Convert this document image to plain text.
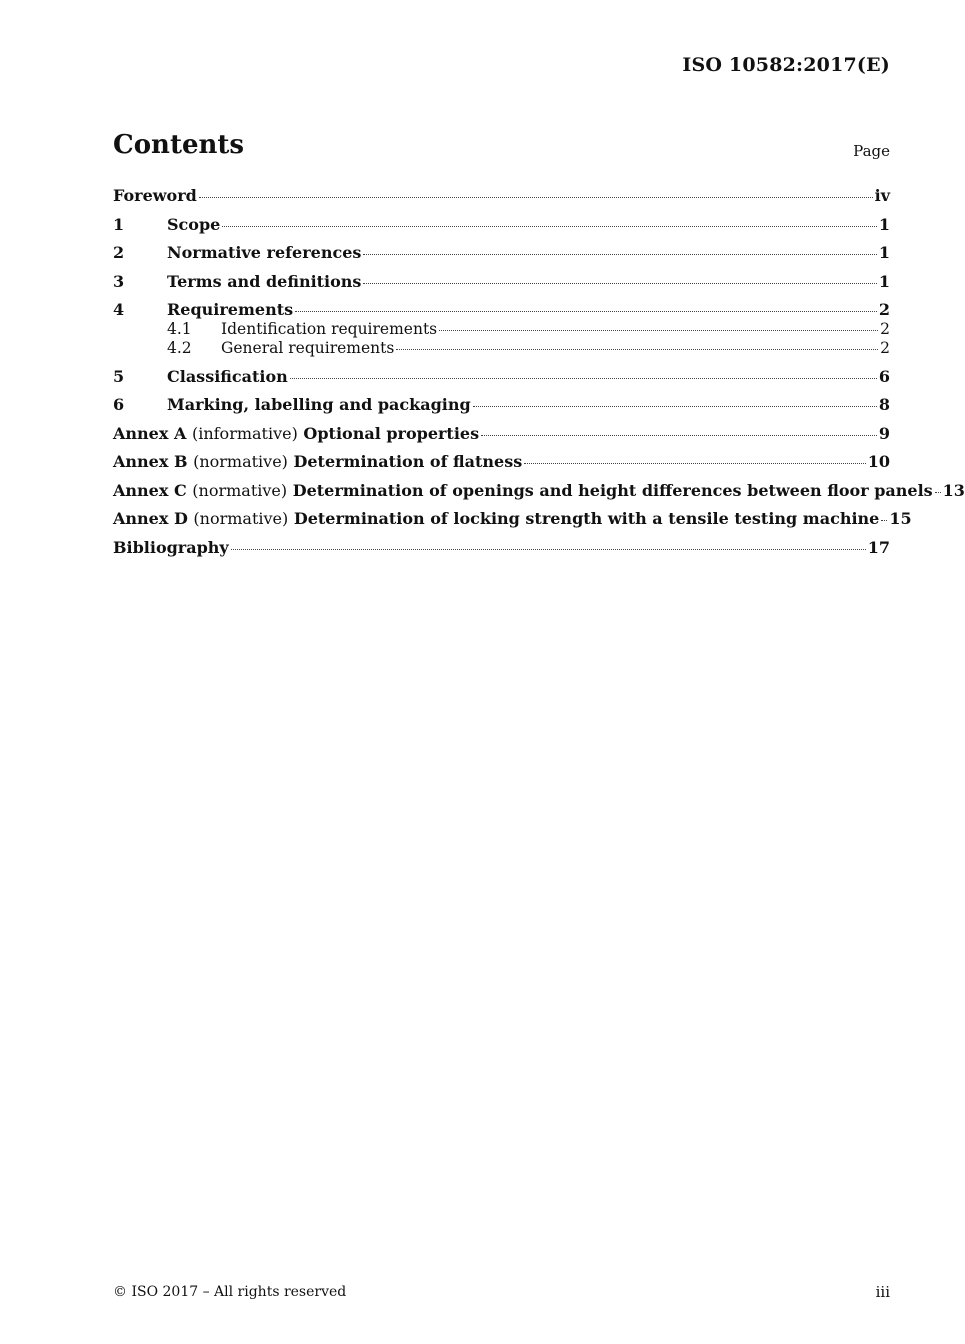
ISO 10582:2017(E)
Contents	Page
Foreword	iv
1	Scope	1
2	Normative references	1
3	Terms and definitions	1
4	Requirements	2
4.1	Identification requirements	2
4.2	General requirements	2
5	Classification	6
6	Marking, labelling and packaging	8
Annex A (informative) Optional properties	9
Annex B (normative) Determination of flatness	10
Annex C (normative) Determination of openings and height differences between floor panels 13
Annex D (normative) Determination of locking strength with a tensile testing machine 15
Bibliography	17
© ISO 2017 – All rights reserved	iii
